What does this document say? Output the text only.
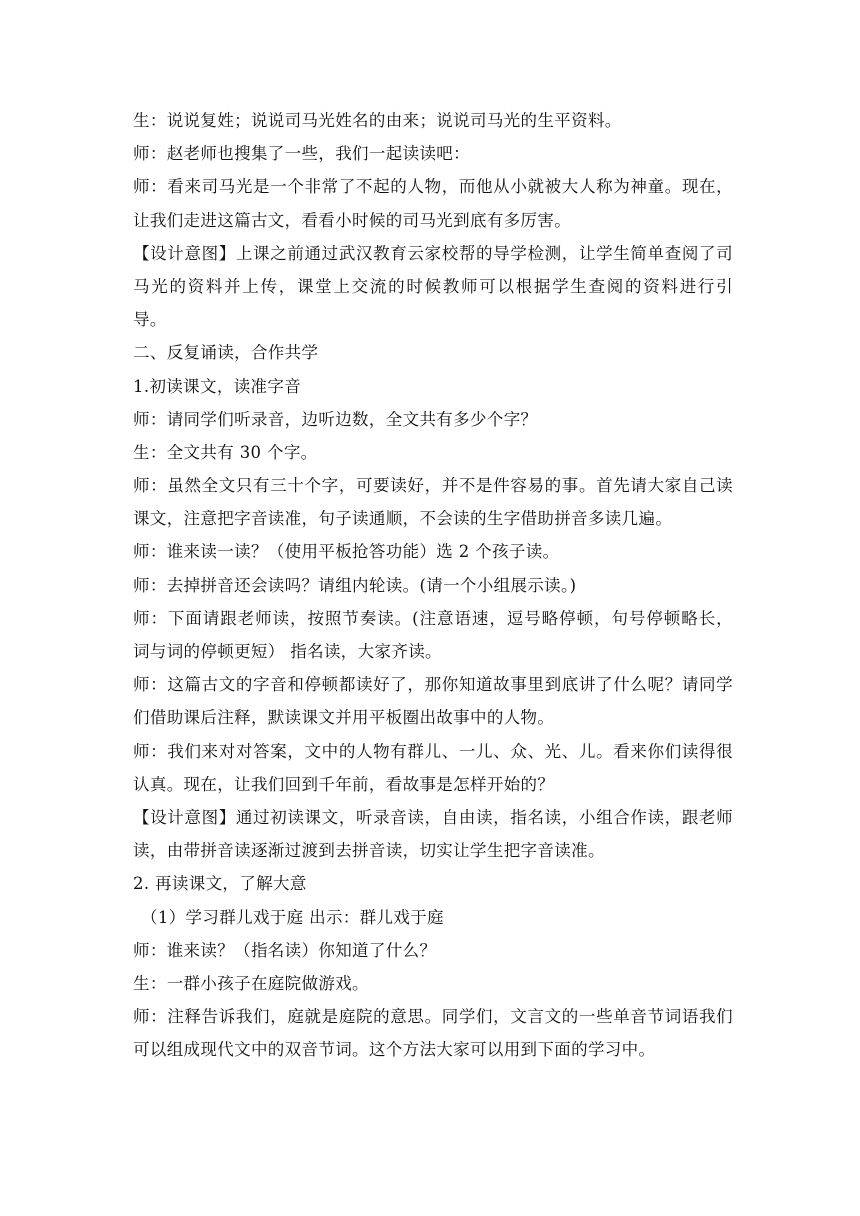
生：说说复姓；说说司马光姓名的由来；说说司马光的生平资料。
师：赵老师也搜集了一些，我们一起读读吧：
师：看来司马光是一个非常了不起的人物，而他从小就被大人称为神童。现在，
让我们走进这篇古文，看看小时候的司马光到底有多厉害。
【设计意图】上课之前通过武汉教育云家校帮的导学检测，让学生简单查阅了司
马光的资料并上传，课堂上交流的时候教师可以根据学生查阅的资料进行引
导。
二、反复诵读，合作共学
1.初读课文，读准字音
师：请同学们听录音，边听边数，全文共有多少个字？
生：全文共有 30 个字。
师：虽然全文只有三十个字，可要读好，并不是件容易的事。首先请大家自己读
课文，注意把字音读准，句子读通顺，不会读的生字借助拼音多读几遍。
师：谁来读一读？（使用平板抢答功能）选 2 个孩子读。
师：去掉拼音还会读吗？请组内轮读。(请一个小组展示读。)
师：下面请跟老师读，按照节奏读。(注意语速，逗号略停顿，句号停顿略长，
词与词的停顿更短） 指名读，大家齐读。
师：这篇古文的字音和停顿都读好了，那你知道故事里到底讲了什么呢？请同学
们借助课后注释，默读课文并用平板圈出故事中的人物。
师：我们来对对答案，文中的人物有群儿、一儿、众、光、儿。看来你们读得很
认真。现在，让我们回到千年前，看故事是怎样开始的？
【设计意图】通过初读课文，听录音读，自由读，指名读，小组合作读，跟老师
读，由带拼音读逐渐过渡到去拼音读，切实让学生把字音读准。
2. 再读课文，了解大意
（1）学习群儿戏于庭 出示：群儿戏于庭
师：谁来读？（指名读）你知道了什么？
生：一群小孩子在庭院做游戏。
师：注释告诉我们，庭就是庭院的意思。同学们，文言文的一些单音节词语我们
可以组成现代文中的双音节词。这个方法大家可以用到下面的学习中。
